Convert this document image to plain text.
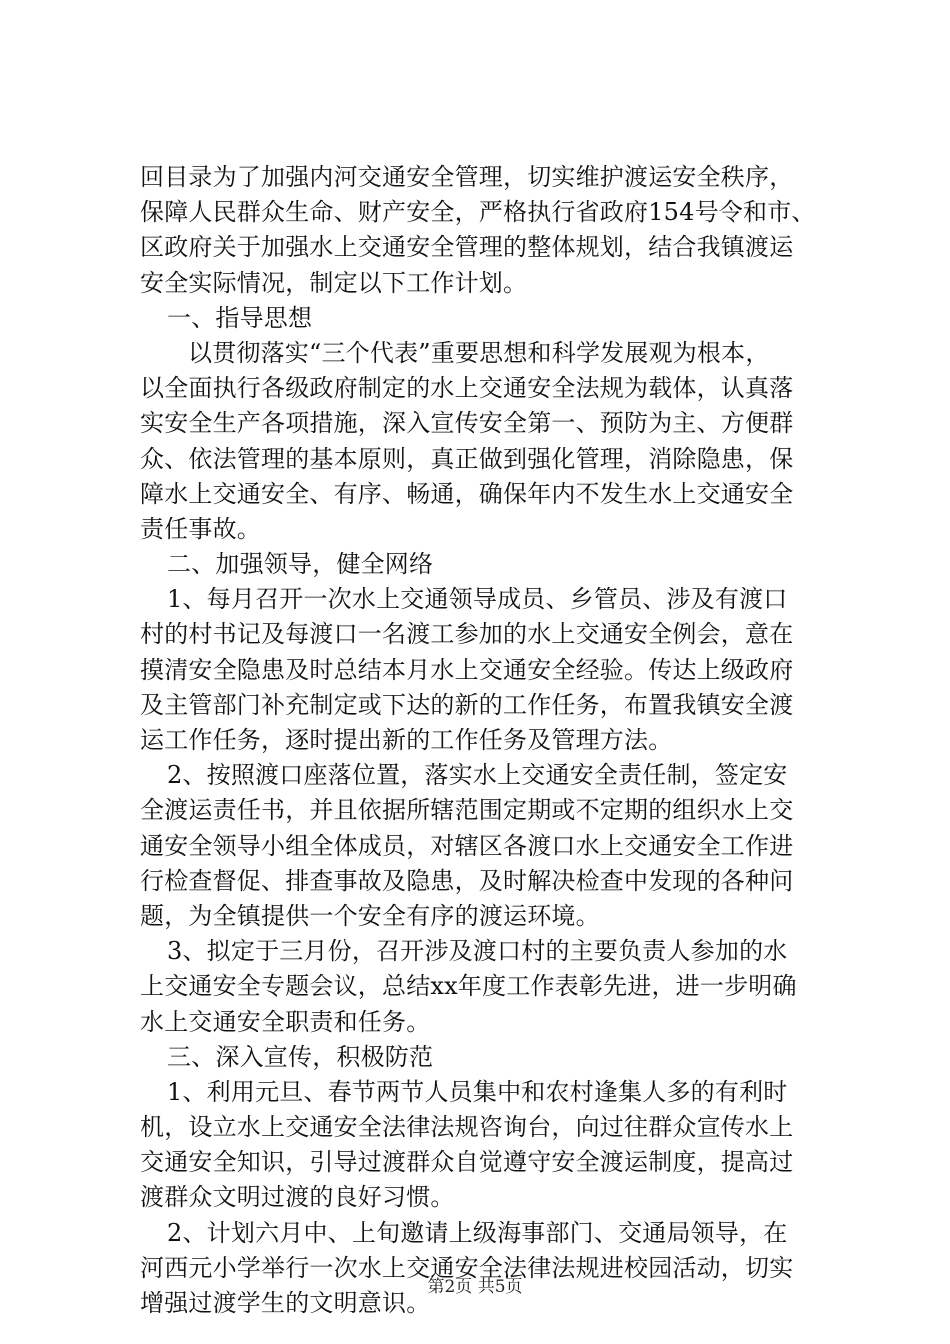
回目录为了加强内河交通安全管理，切实维护渡运安全秩序，
保障人民群众生命、财产安全，严格执行省政府154号令和市、
区政府关于加强水上交通安全管理的整体规划，结合我镇渡运
安全实际情况，制定以下工作计划。
一、指导思想
以贯彻落实“三个代表”重要思想和科学发展观为根本，
以全面执行各级政府制定的水上交通安全法规为载体，认真落
实安全生产各项措施，深入宣传安全第一、预防为主、方便群
众、依法管理的基本原则，真正做到强化管理，消除隐患，保
障水上交通安全、有序、畅通，确保年内不发生水上交通安全
责任事故。
二、加强领导，健全网络
1、每月召开一次水上交通领导成员、乡管员、涉及有渡口
村的村书记及每渡口一名渡工参加的水上交通安全例会，意在
摸清安全隐患及时总结本月水上交通安全经验。传达上级政府
及主管部门补充制定或下达的新的工作任务，布置我镇安全渡
运工作任务，逐时提出新的工作任务及管理方法。
2、按照渡口座落位置，落实水上交通安全责任制，签定安
全渡运责任书，并且依据所辖范围定期或不定期的组织水上交
通安全领导小组全体成员，对辖区各渡口水上交通安全工作进
行检查督促、排查事故及隐患，及时解决检查中发现的各种问
题，为全镇提供一个安全有序的渡运环境。
3、拟定于三月份，召开涉及渡口村的主要负责人参加的水
上交通安全专题会议，总结xx年度工作表彰先进，进一步明确
水上交通安全职责和任务。
三、深入宣传，积极防范
1、利用元旦、春节两节人员集中和农村逢集人多的有利时
机，设立水上交通安全法律法规咨询台，向过往群众宣传水上
交通安全知识，引导过渡群众自觉遵守安全渡运制度，提高过
渡群众文明过渡的良好习惯。
2、计划六月中、上旬邀请上级海事部门、交通局领导，在
河西元小学举行一次水上交通安全法律法规进校园活动，切实
增强过渡学生的文明意识。
第2页 共5页
